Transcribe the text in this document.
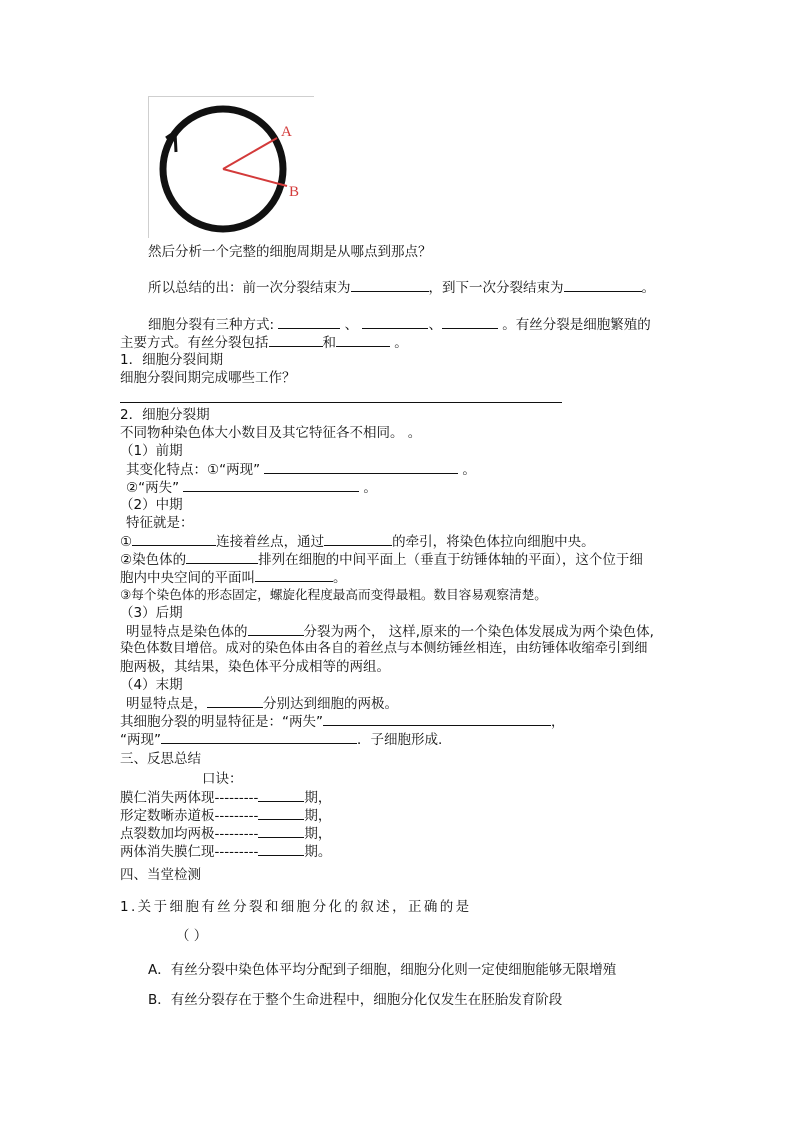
A
B
然后分析一个完整的细胞周期是从哪点到那点？
所以总结的出：前一次分裂结束为	，到下一次分裂结束为	。
细胞分裂有三种方式:	、	、	。有丝分裂是细胞繁殖的
主要方式。有丝分裂包括	和	。
1．细胞分裂间期
细胞分裂间期完成哪些工作？
2．细胞分裂期
不同物种染色体大小数目及其它特征各不相同。 。
（1）前期
其变化特点：①“两现”	。
②“两失”	。
（2）中期
特征就是：
①	连接着丝点，通过	的牵引，将染色体拉向细胞中央。
②染色体的	排列在细胞的中间平面上（垂直于纺锤体轴的平面），这个位于细
胞内中央空间的平面叫	。
③每个染色体的形态固定，螺旋化程度最高而变得最粗。数目容易观察清楚。
（3）后期
明显特点是染色体的	分裂为两个， 这样,原来的一个染色体发展成为两个染色体,
染色体数目增倍。成对的染色体由各自的着丝点与本侧纺锤丝相连，由纺锤体收缩牵引到细
胞两极，其结果，染色体平分成相等的两组。
（4）末期
明显特点是，	分别达到细胞的两极。
其细胞分裂的明显特征是：“两失”	，
“两现”	．子细胞形成.
三、反思总结
口诀：
膜仁消失两体现---------	期，
形定数晰赤道板---------	期，
点裂数加均两极---------	期，
两体消失膜仁现---------	期。
四、当堂检测
1.关于细胞有丝分裂和细胞分化的叙述，正确的是
（ ）
A．有丝分裂中染色体平均分配到子细胞，细胞分化则一定使细胞能够无限增殖
B．有丝分裂存在于整个生命进程中，细胞分化仅发生在胚胎发育阶段
